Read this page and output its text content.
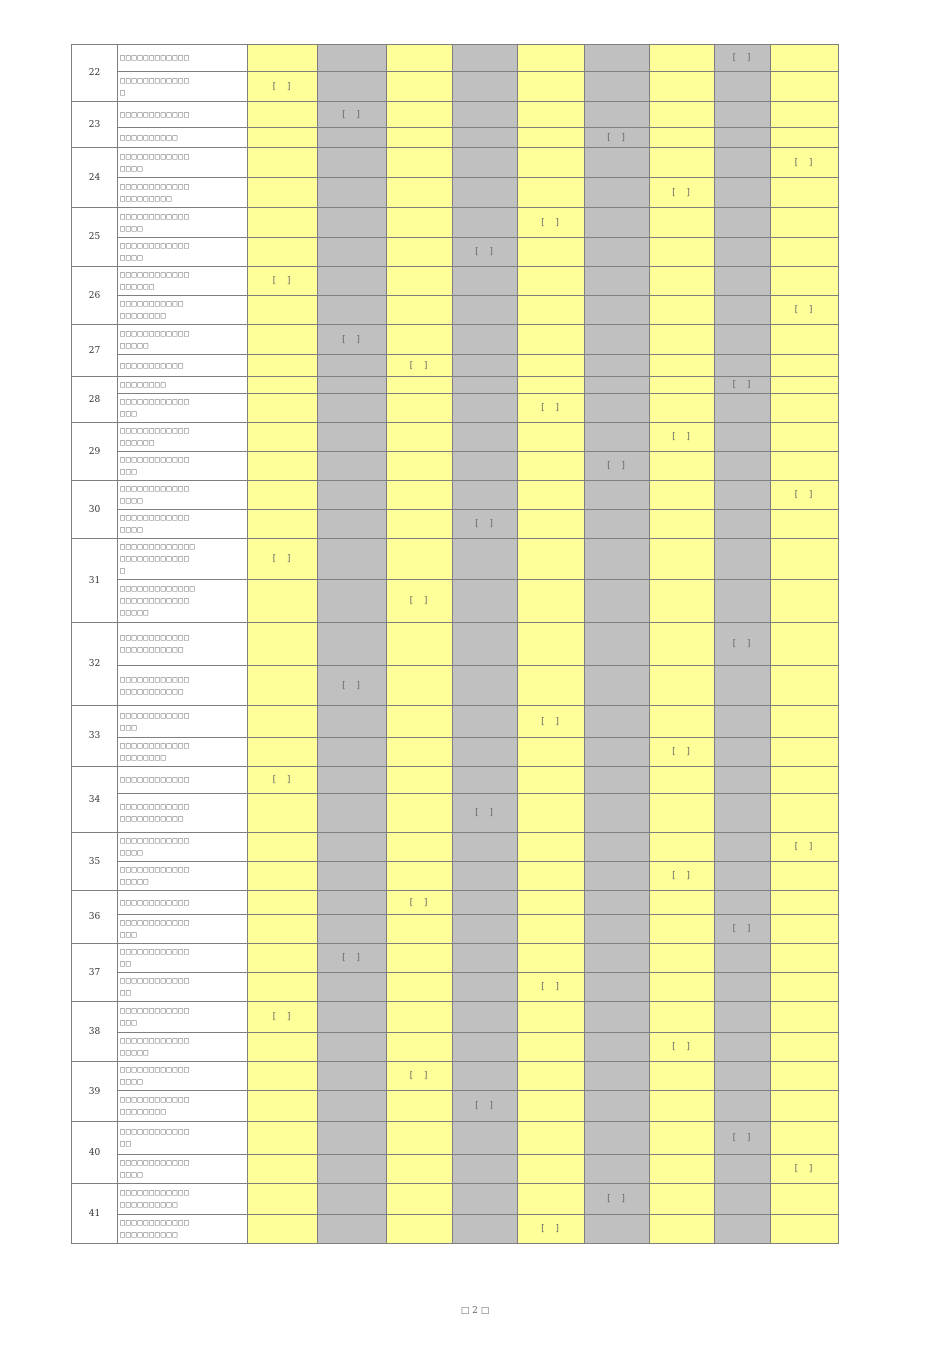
22	□□□□□□□□□□□□								[ ]	
	□□□□□□□□□□□□
□	[ ]								
23	□□□□□□□□□□□□		[ ]							
	□□□□□□□□□□						[ ]			
24	□□□□□□□□□□□□
□□□□									[ ]
	□□□□□□□□□□□□
□□□□□□□□□							[ ]		
25	□□□□□□□□□□□□
□□□□					[ ]				
	□□□□□□□□□□□□
□□□□				[ ]					
26	□□□□□□□□□□□□
□□□□□□	[ ]								
	□□□□□□□□□□□
□□□□□□□□									[ ]
27	□□□□□□□□□□□□
□□□□□		[ ]							
	□□□□□□□□□□□			[ ]						
28	□□□□□□□□								[ ]	
	□□□□□□□□□□□□
□□□					[ ]				
29	□□□□□□□□□□□□
□□□□□□							[ ]		
	□□□□□□□□□□□□
□□□						[ ]			
30	□□□□□□□□□□□□
□□□□									[ ]
	□□□□□□□□□□□□
□□□□				[ ]					
31	□□□□□□□□□□□□□
□□□□□□□□□□□□
□	[ ]								
	□□□□□□□□□□□□□
□□□□□□□□□□□□
□□□□□			[ ]						
32	□□□□□□□□□□□□
□□□□□□□□□□□								[ ]	
	□□□□□□□□□□□□
□□□□□□□□□□□		[ ]							
33	□□□□□□□□□□□□
□□□					[ ]				
	□□□□□□□□□□□□
□□□□□□□□							[ ]		
34	□□□□□□□□□□□□	[ ]								
	□□□□□□□□□□□□
□□□□□□□□□□□				[ ]					
35	□□□□□□□□□□□□
□□□□									[ ]
	□□□□□□□□□□□□
□□□□□							[ ]		
36	□□□□□□□□□□□□			[ ]						
	□□□□□□□□□□□□
□□□								[ ]	
37	□□□□□□□□□□□□
□□		[ ]							
	□□□□□□□□□□□□
□□					[ ]				
38	□□□□□□□□□□□□
□□□	[ ]								
	□□□□□□□□□□□□
□□□□□							[ ]		
39	□□□□□□□□□□□□
□□□□			[ ]						
	□□□□□□□□□□□□
□□□□□□□□				[ ]					
40	□□□□□□□□□□□□
□□								[ ]	
	□□□□□□□□□□□□
□□□□									[ ]
41	□□□□□□□□□□□□
□□□□□□□□□□						[ ]			
	□□□□□□□□□□□□
□□□□□□□□□□					[ ]				
□ 2 □
